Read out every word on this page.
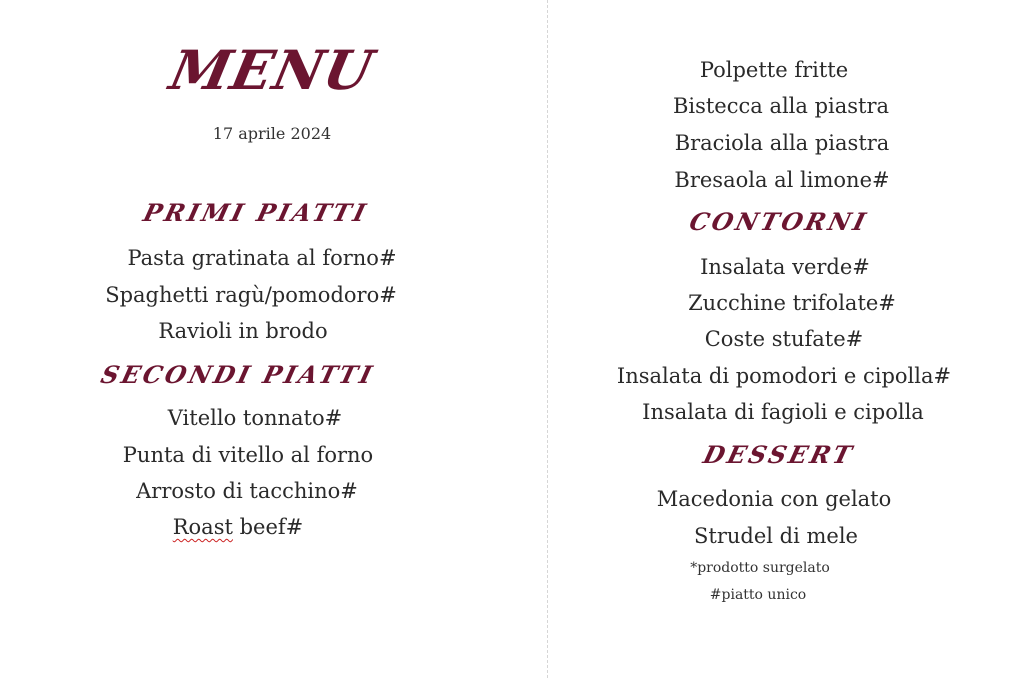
MENU
17 aprile 2024
PRIMI PIATTI
Pasta gratinata al forno#
Spaghetti ragù/pomodoro#
Ravioli in brodo
SECONDI PIATTI
Vitello tonnato#
Punta di vitello al forno
Arrosto di tacchino#
Roast beef#
Polpette fritte
Bistecca alla piastra
Braciola alla piastra
Bresaola al limone#
CONTORNI
Insalata verde#
Zucchine trifolate#
Coste stufate#
Insalata di pomodori e cipolla#
Insalata di fagioli e cipolla
DESSERT
Macedonia con gelato
Strudel di mele
*prodotto surgelato
#piatto unico
